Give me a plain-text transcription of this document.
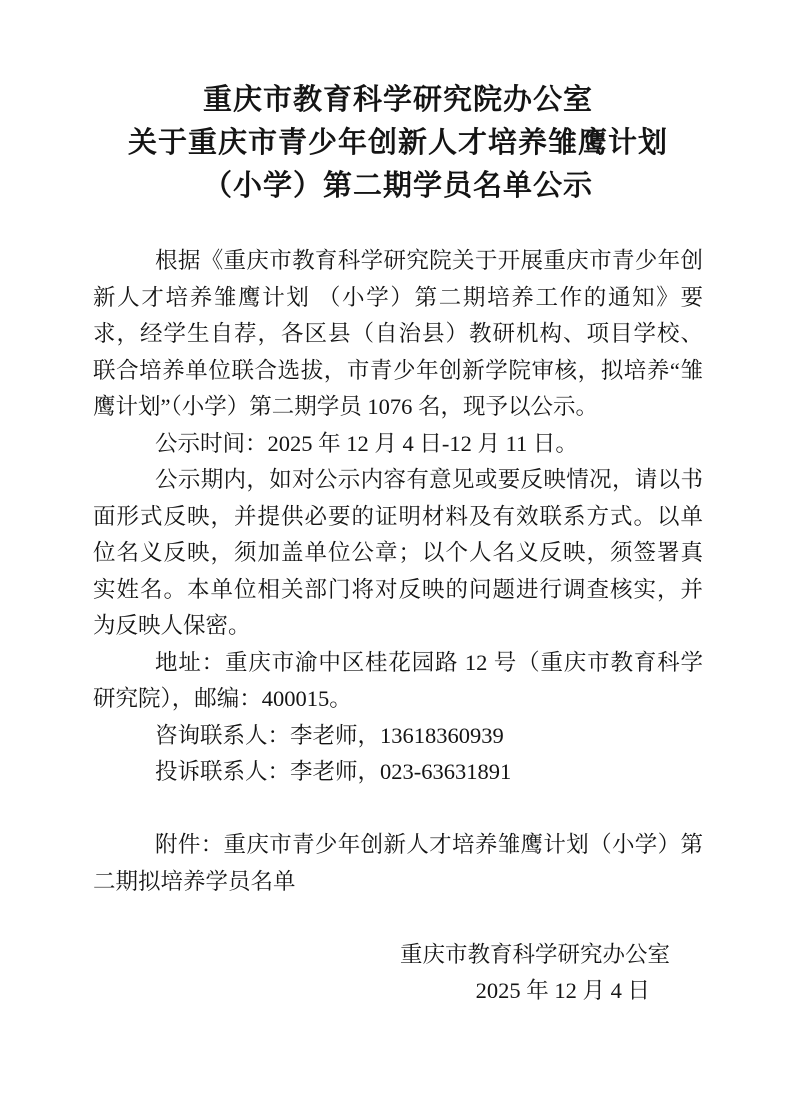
重庆市教育科学研究院办公室
关于重庆市青少年创新人才培养雏鹰计划
（小学）第二期学员名单公示
根据《重庆市教育科学研究院关于开展重庆市青少年创
新人才培养雏鹰计划 （小学）第二期培养工作的通知》要
求，经学生自荐，各区县（自治县）教研机构、项目学校、
联合培养单位联合选拔，市青少年创新学院审核，拟培养“雏
鹰计划”（小学）第二期学员 1076 名，现予以公示。
公示时间：2025 年 12 月 4 日-12 月 11 日。
公示期内，如对公示内容有意见或要反映情况，请以书
面形式反映，并提供必要的证明材料及有效联系方式。以单
位名义反映，须加盖单位公章；以个人名义反映，须签署真
实姓名。本单位相关部门将对反映的问题进行调查核实，并
为反映人保密。
地址：重庆市渝中区桂花园路 12 号（重庆市教育科学
研究院），邮编：400015。
咨询联系人：李老师，13618360939
投诉联系人：李老师，023-63631891
附件：重庆市青少年创新人才培养雏鹰计划（小学）第
二期拟培养学员名单
重庆市教育科学研究办公室
2025 年 12 月 4 日
